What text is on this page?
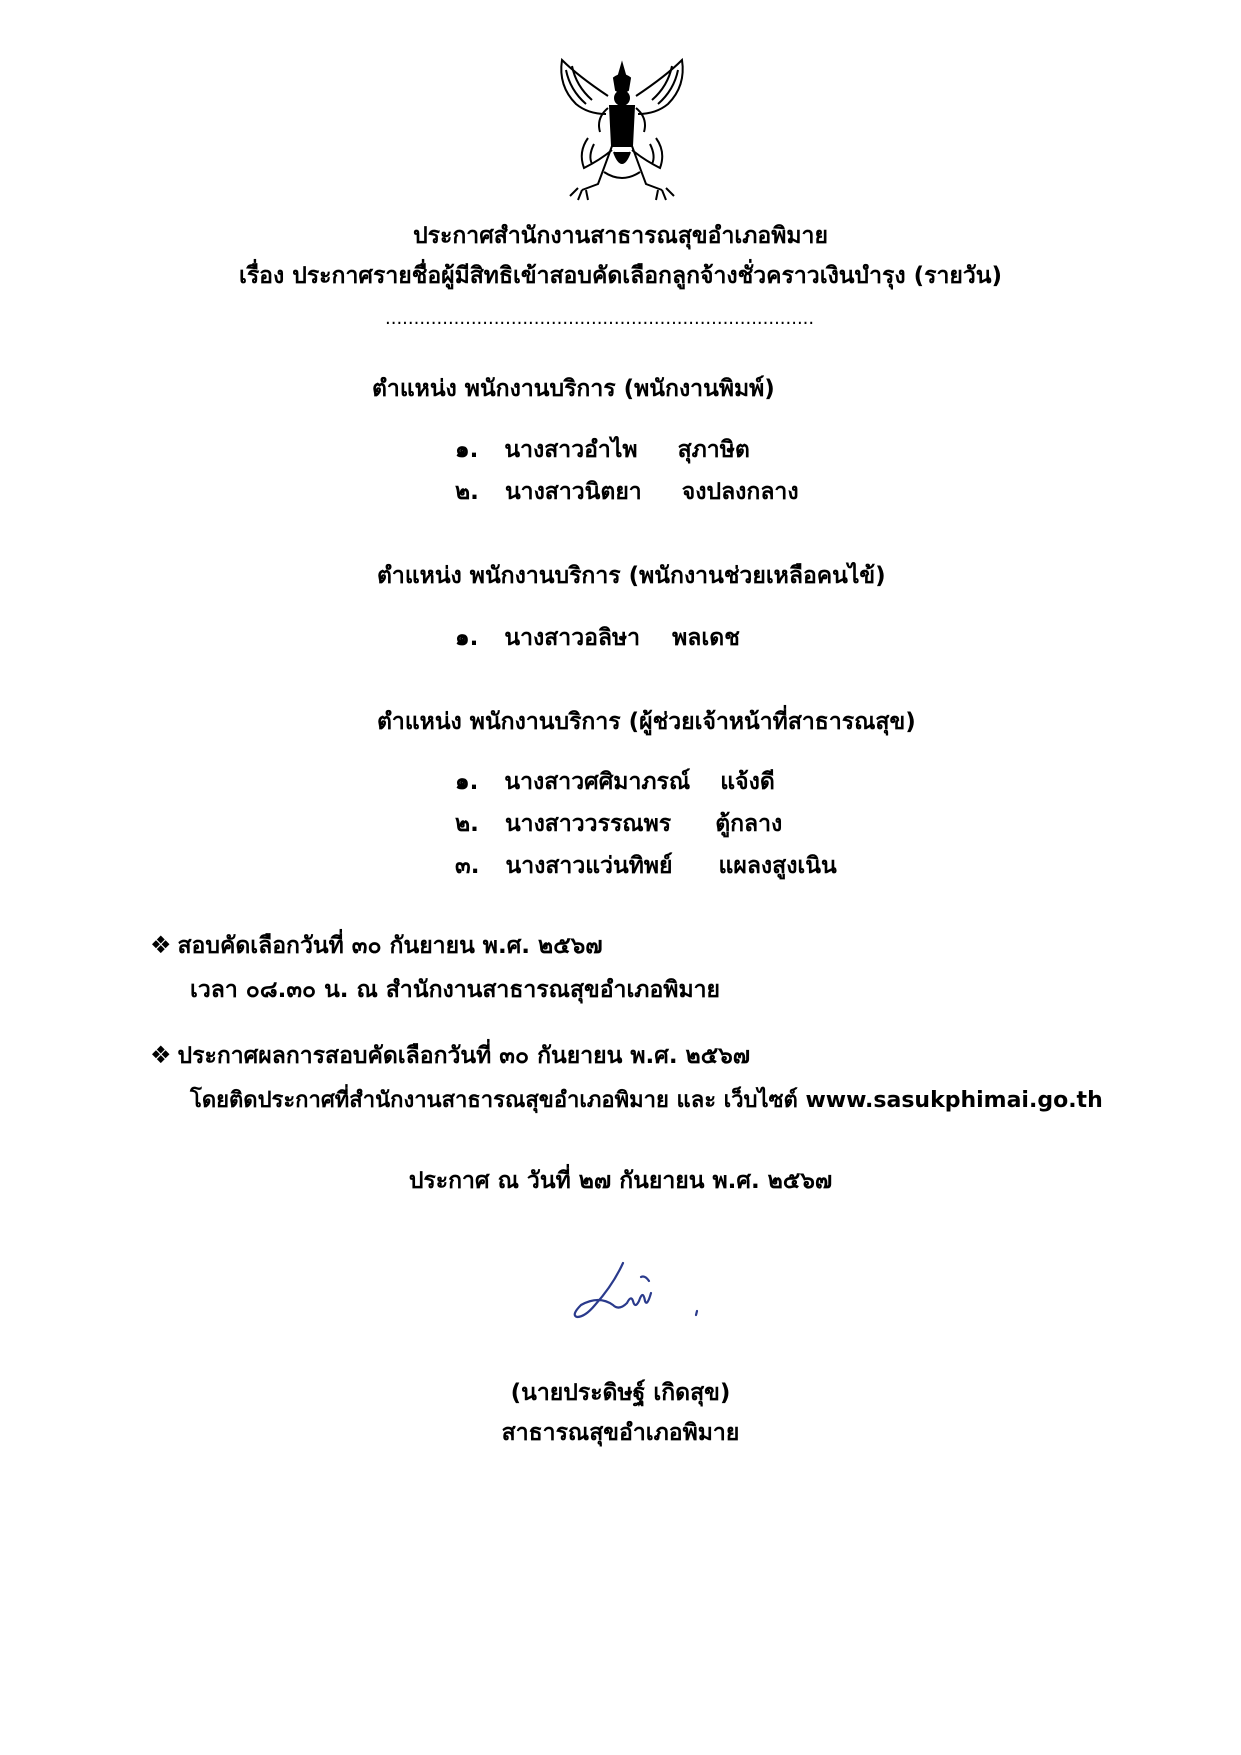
ประกาศสำนักงานสาธารณสุขอำเภอพิมาย
เรื่อง ประกาศรายชื่อผู้มีสิทธิเข้าสอบคัดเลือกลูกจ้างชั่วคราวเงินบำรุง (รายวัน)
...........................................................................
ตำแหน่ง พนักงานบริการ (พนักงานพิมพ์)
๑. นางสาวอำไพ สุภาษิต
๒. นางสาวนิตยา จงปลงกลาง
ตำแหน่ง พนักงานบริการ (พนักงานช่วยเหลือคนไข้)
๑. นางสาวอลิษา พลเดช
ตำแหน่ง พนักงานบริการ (ผู้ช่วยเจ้าหน้าที่สาธารณสุข)
๑. นางสาวศศิมาภรณ์ แจ้งดี
๒. นางสาววรรณพร ตู้กลาง
๓. นางสาวแว่นทิพย์ แผลงสูงเนิน
❖ สอบคัดเลือกวันที่ ๓๐ กันยายน พ.ศ. ๒๕๖๗
เวลา ๐๘.๓๐ น. ณ สำนักงานสาธารณสุขอำเภอพิมาย
❖ ประกาศผลการสอบคัดเลือกวันที่ ๓๐ กันยายน พ.ศ. ๒๕๖๗
โดยติดประกาศที่สำนักงานสาธารณสุขอำเภอพิมาย และ เว็บไซต์ www.sasukphimai.go.th
ประกาศ ณ วันที่ ๒๗ กันยายน พ.ศ. ๒๕๖๗
(นายประดิษฐ์ เกิดสุข)
สาธารณสุขอำเภอพิมาย
